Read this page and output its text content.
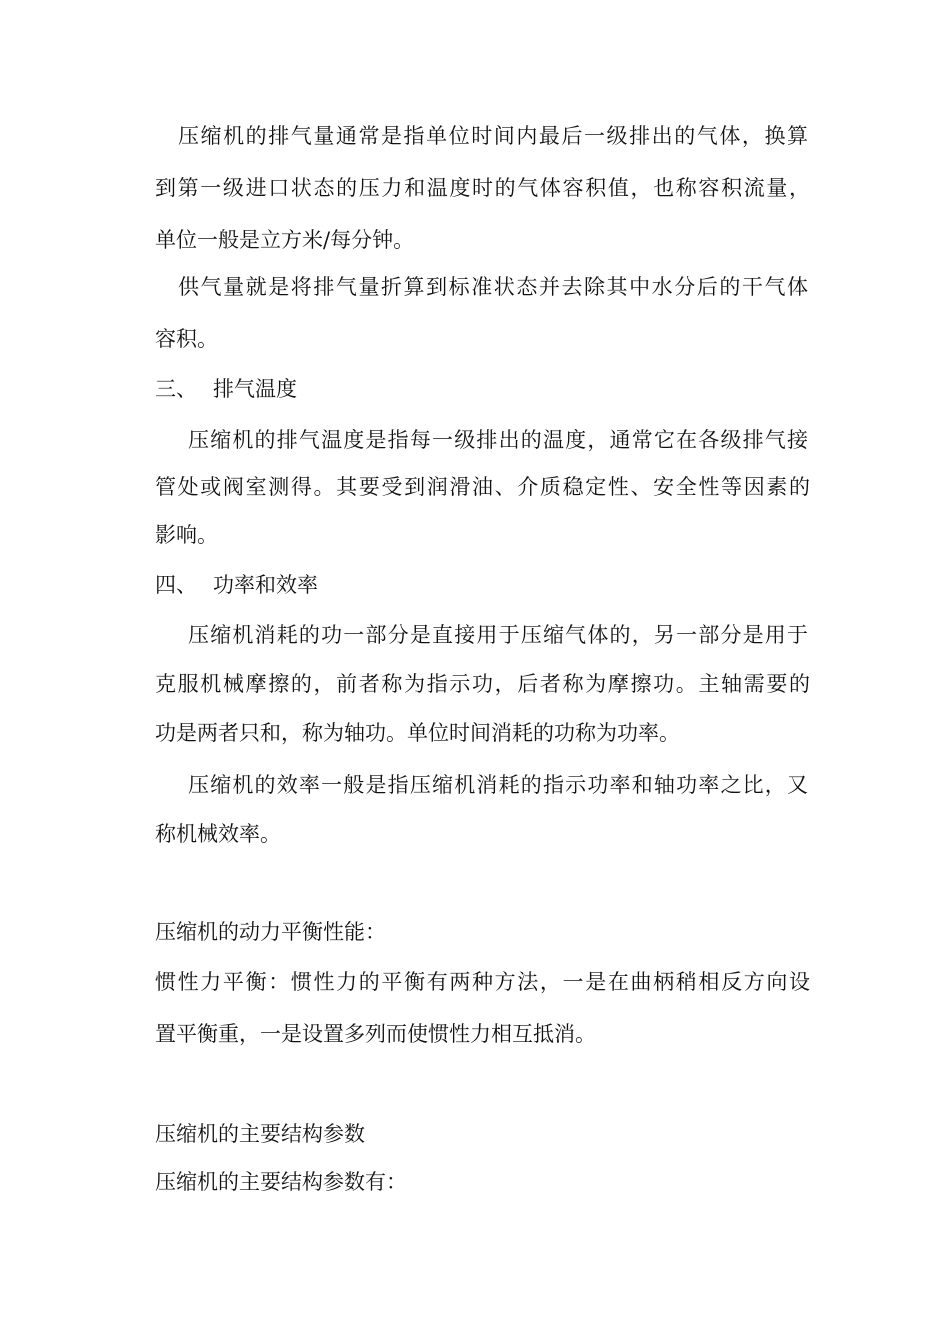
压缩机的排气量通常是指单位时间内最后一级排出的气体，换算
到第一级进口状态的压力和温度时的气体容积值，也称容积流量，
单位一般是立方米/每分钟。
供气量就是将排气量折算到标准状态并去除其中水分后的干气体
容积。
三、 排气温度
压缩机的排气温度是指每一级排出的温度，通常它在各级排气接
管处或阀室测得。其要受到润滑油、介质稳定性、安全性等因素的
影响。
四、 功率和效率
压缩机消耗的功一部分是直接用于压缩气体的，另一部分是用于
克服机械摩擦的，前者称为指示功，后者称为摩擦功。主轴需要的
功是两者只和，称为轴功。单位时间消耗的功称为功率。
压缩机的效率一般是指压缩机消耗的指示功率和轴功率之比，又
称机械效率。
压缩机的动力平衡性能：
惯性力平衡：惯性力的平衡有两种方法，一是在曲柄稍相反方向设
置平衡重，一是设置多列而使惯性力相互抵消。
压缩机的主要结构参数
压缩机的主要结构参数有：
